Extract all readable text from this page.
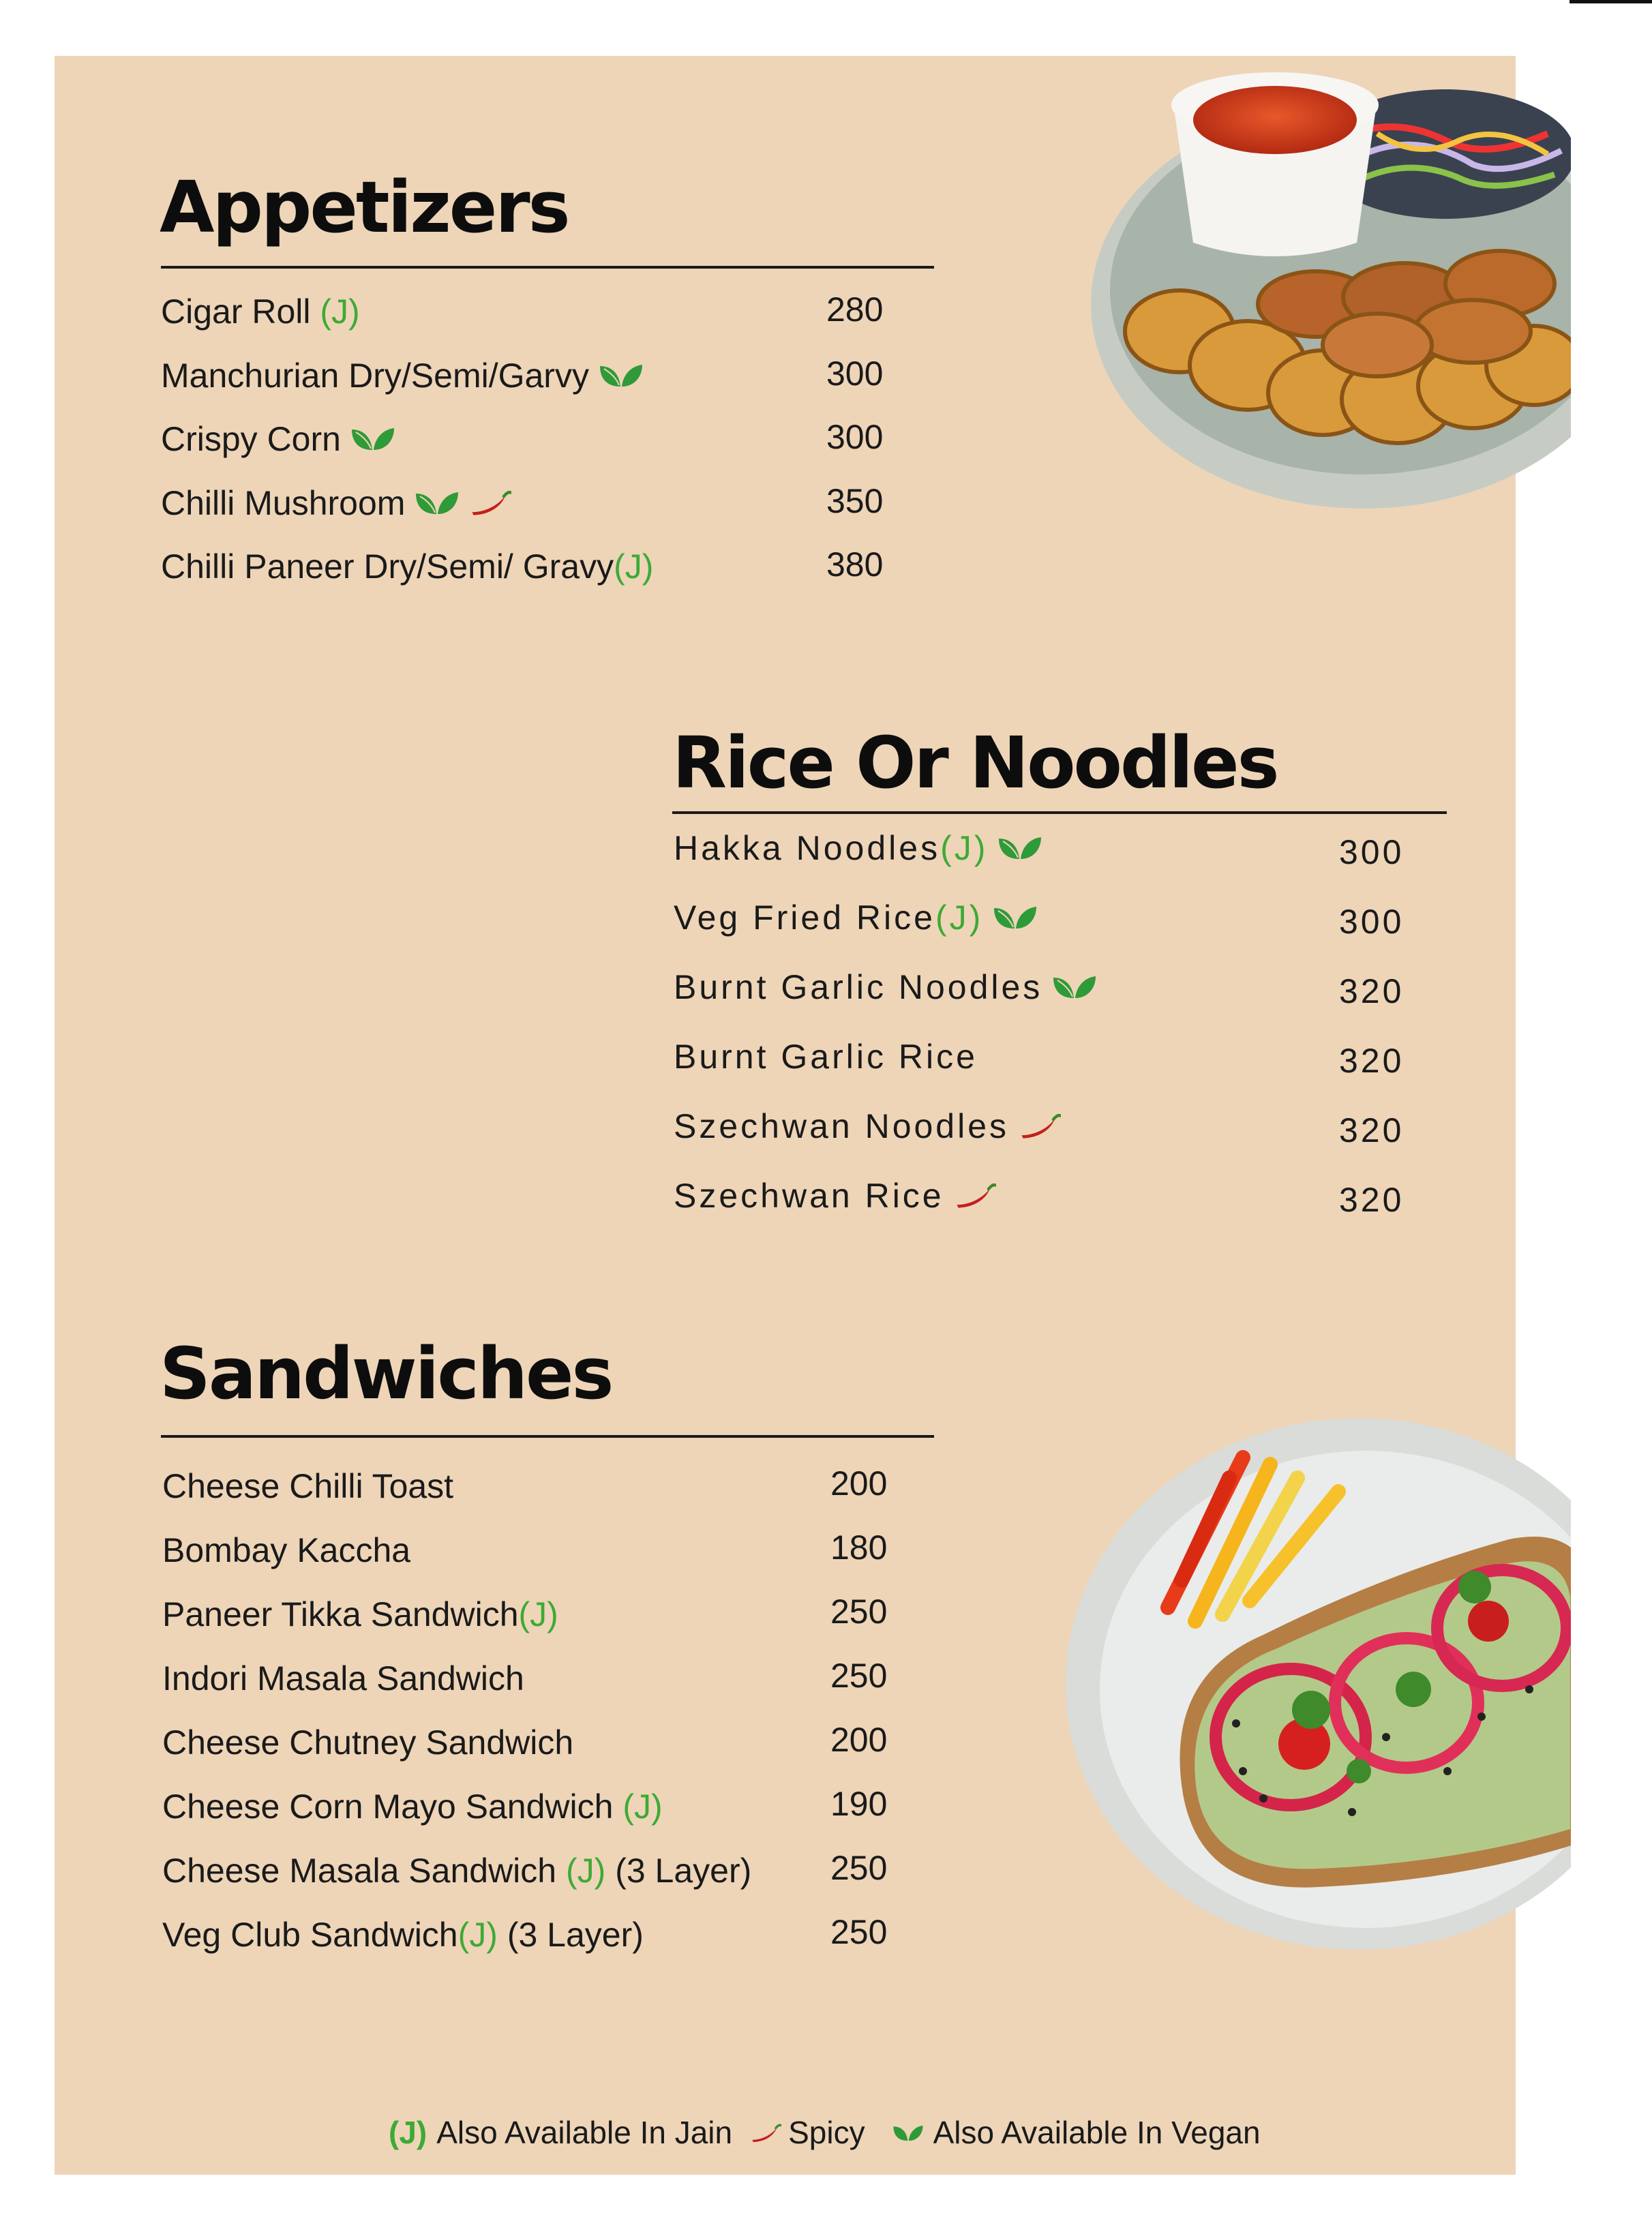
Appetizers
Cigar Roll (J)	280
Manchurian Dry/Semi/Garvy	300
Crispy Corn	300
Chilli Mushroom	350
Chilli Paneer Dry/Semi/ Gravy (J)	380
Rice Or Noodles
Hakka Noodles (J)	300
Veg Fried Rice (J)	300
Burnt Garlic Noodles	320
Burnt Garlic Rice	320
Szechwan Noodles	320
Szechwan Rice	320
Sandwiches
Cheese Chilli Toast	200
Bombay Kaccha	180
Paneer Tikka Sandwich (J)	250
Indori Masala Sandwich	250
Cheese Chutney Sandwich	200
Cheese Corn Mayo Sandwich (J)	190
Cheese Masala Sandwich (J) (3 Layer) 250
Veg Club Sandwich (J) (3 Layer)	250
(J) Also Available In Jain Spicy Also Available In Vegan
